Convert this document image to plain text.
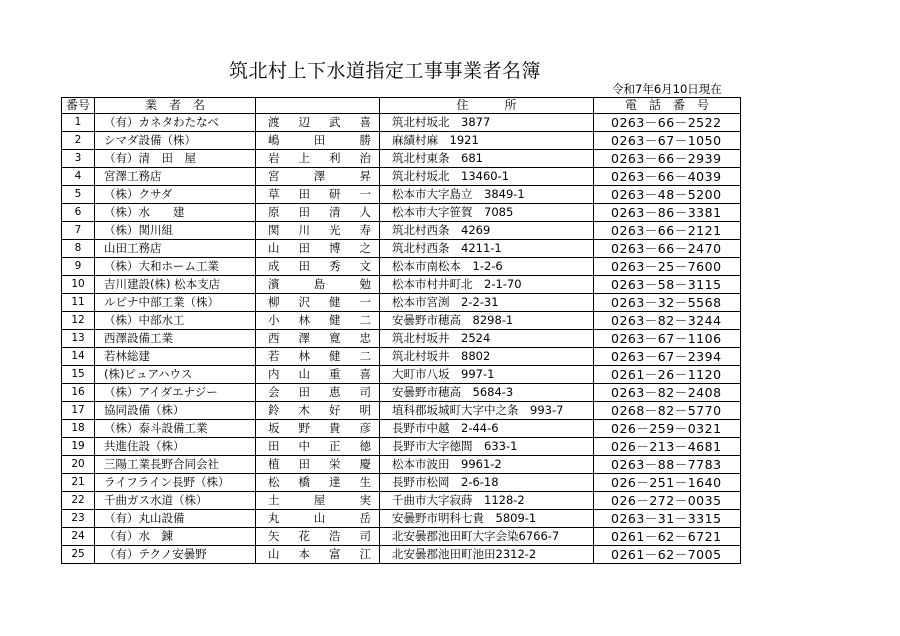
筑北村上下水道指定工事事業者名簿
令和7年6月10日現在
番号	業　者　名		住　　　所	電　話　番　号
1	（有）カネタわたなべ	渡 辺 武 喜	筑北村坂北　3877	0263－66－2522
2	シマダ設備（株）	嶋 田 勝	麻績村麻　1921	0263－67－1050
3	（有）清　田　屋	岩 上 利 治	筑北村東条　681	0263－66－2939
4	宮澤工務店	宮 澤 昇	筑北村坂北　13460-1	0263－66－4039
5	（株）クサダ	草 田 研 一	松本市大字島立　3849-1	0263－48－5200
6	（株）水　　建	原 田 清 人	松本市大字笹賀　7085	0263－86－3381
7	（株）関川組	関 川 光 寿	筑北村西条　4269	0263－66－2121
8	山田工務店	山 田 博 之	筑北村西条　4211-1	0263－66－2470
9	（株）大和ホーム工業	成 田 秀 文	松本市南松本　1-2-6	0263－25－7600
10	吉川建設(株) 松本支店	濱 島 勉	松本市村井町北　2-1-70	0263－58－3115
11	ルピナ中部工業（株）	柳 沢 健 一	松本市宮渕　2-2-31	0263－32－5568
12	（株）中部水工	小 林 健 二	安曇野市穂高　8298-1	0263－82－3244
13	西澤設備工業	西 澤 寛 忠	筑北村坂井　2524	0263－67－1106
14	若林総建	若 林 健 二	筑北村坂井　8802	0263－67－2394
15	(株)ピュアハウス	内 山 重 喜	大町市八坂　997-1	0261－26－1120
16	（株）アイダエナジー	会 田 恵 司	安曇野市穂高　5684-3	0263－82－2408
17	協同設備（株）	鈴 木 好 明	埴科郡坂城町大字中之条　993-7	0268－82－5770
18	（株）泰斗設備工業	坂 野 貴 彦	長野市中越　2-44-6	026－259－0321
19	共進住設（株）	田 中 正 徳	長野市大字徳間　633-1	026－213－4681
20	三陽工業長野合同会社	植 田 栄 慶	松本市波田　9961-2	0263－88－7783
21	ライフライン長野（株）	松 橋 達 生	長野市松岡　2-6-18	026－251－1640
22	千曲ガス水道（株）	土 屋 実	千曲市大字寂蒔　1128-2	026－272－0035
23	（有）丸山設備	丸 山 岳	安曇野市明科七貴　5809-1	0263－31－3315
24	（有）水　錬	矢 花 浩 司	北安曇郡池田町大字会染6766-7	0261－62－6721
25	（有）テクノ安曇野	山 本 富 江	北安曇郡池田町池田2312-2	0261－62－7005
